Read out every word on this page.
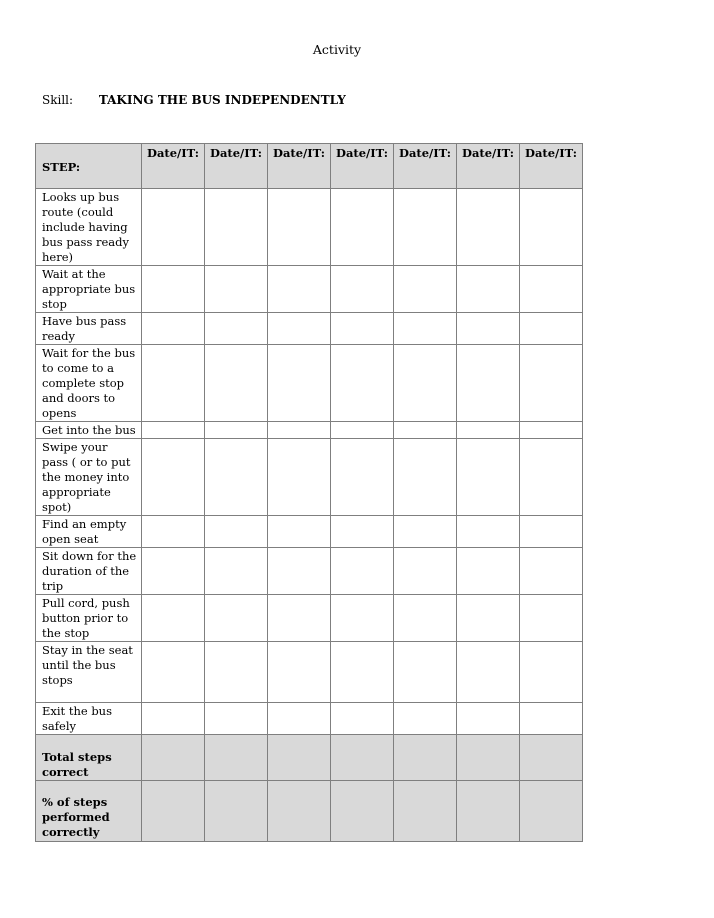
Activity
Skill: TAKING THE BUS INDEPENDENTLY
STEP:	Date/IT:	Date/IT:	Date/IT:	Date/IT:	Date/IT:	Date/IT:	Date/IT:
Looks up bus route (could include having bus pass ready here)							
Wait at the appropriate bus stop							
Have bus pass ready							
Wait for the bus to come to a complete stop and doors to opens							
Get into the bus							
Swipe your pass ( or to put the money into appropriate spot)							
Find an empty open seat							
Sit down for the duration of the trip							
Pull cord, push button prior to the stop							
Stay in the seat until the bus stops							
Exit the bus safely							
Total steps correct							
% of steps performed correctly							
